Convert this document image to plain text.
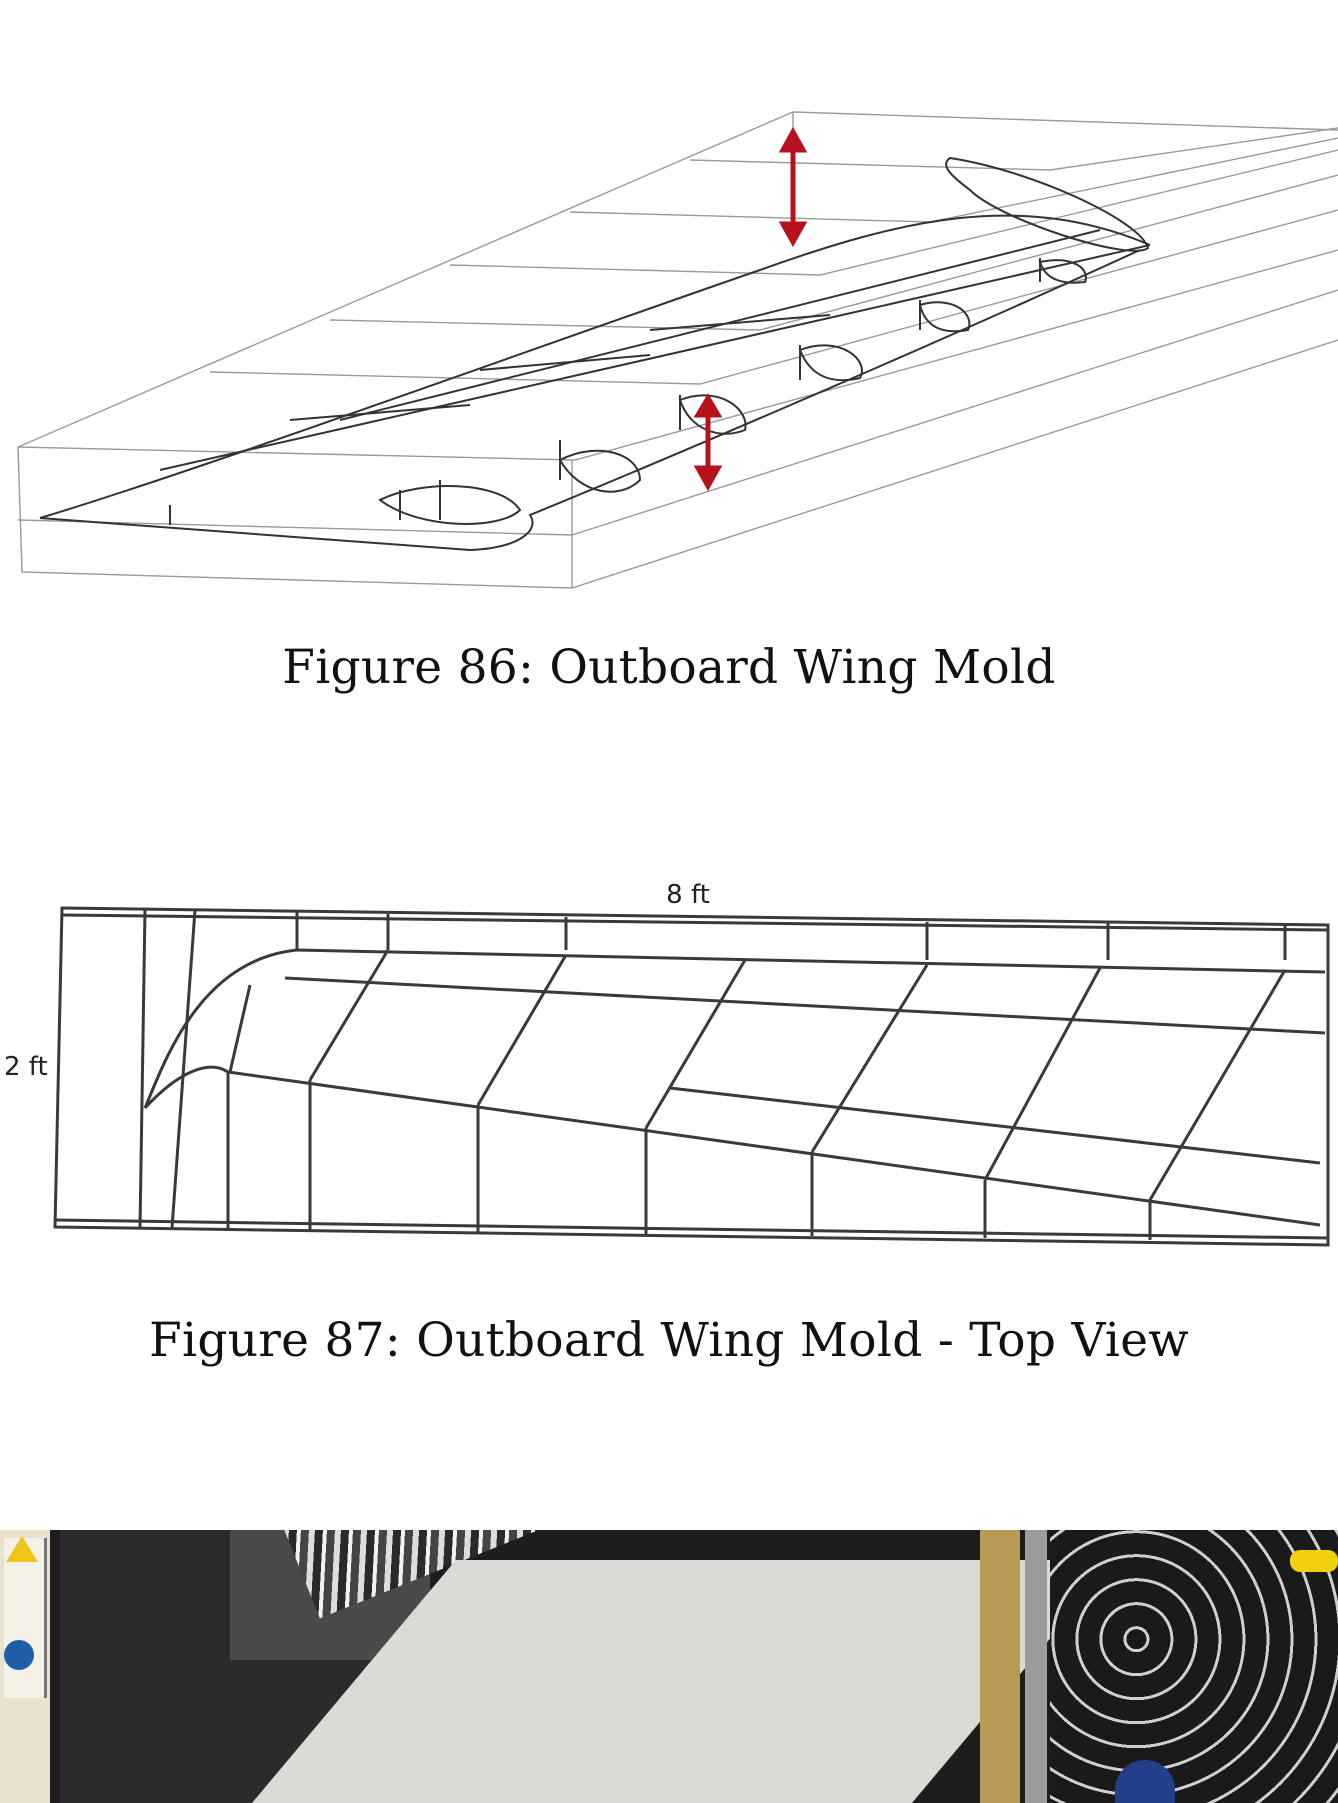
Figure 86: Outboard Wing Mold
8 ft
2 ft
Figure 87: Outboard Wing Mold - Top View
